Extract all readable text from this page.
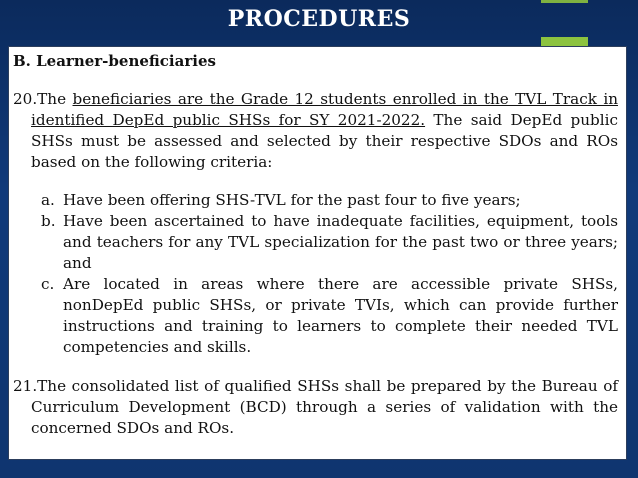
PROCEDURES
B. Learner-beneficiaries
20.The beneficiaries are the Grade 12 students enrolled in the TVL Track in identified DepEd public SHSs for SY 2021-2022. The said DepEd public SHSs must be assessed and selected by their respective SDOs and ROs based on the following criteria:
a. Have been offering SHS-TVL for the past four to five years;
b. Have been ascertained to have inadequate facilities, equipment, tools and teachers for any TVL specialization for the past two or three years; and
c. Are located in areas where there are accessible private SHSs, nonDepEd public SHSs, or private TVIs, which can provide further instructions and training to learners to complete their needed TVL competencies and skills.
21.The consolidated list of qualified SHSs shall be prepared by the Bureau of Curriculum Development (BCD) through a series of validation with the concerned SDOs and ROs.
